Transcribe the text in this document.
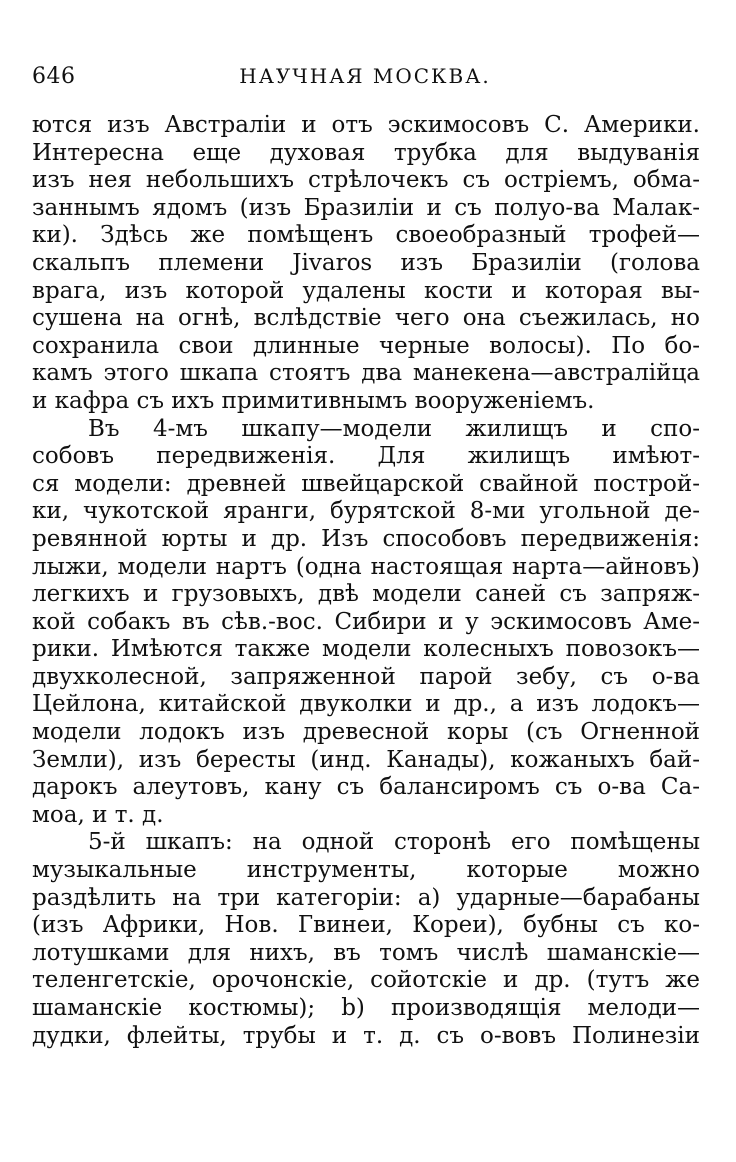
646	НАУЧНАЯ МОСКВА.
ются изъ Австраліи и отъ эскимосовъ С. Америки.
Интересна еще духовая трубка для выдуванія
изъ нея небольшихъ стрѣлочекъ съ остріемъ, обма-
заннымъ ядомъ (изъ Бразиліи и съ полуо-ва Малак-
ки). Здѣсь же помѣщенъ своеобразный трофей—
скальпъ племени Jivaros изъ Бразиліи (голова
врага, изъ которой удалены кости и которая вы-
сушена на огнѣ, вслѣдствіе чего она съежилась, но
сохранила свои длинные черные волосы). По бо-
камъ этого шкапа стоятъ два манекена—австралійца
и кафра съ ихъ примитивнымъ вооруженіемъ.
Въ 4-мъ шкапу—модели жилищъ и спо-
собовъ передвиженія. Для жилищъ имѣют-
ся модели: древней швейцарской свайной построй-
ки, чукотской яранги, бурятской 8-ми угольной де-
ревянной юрты и др. Изъ способовъ передвиженія:
лыжи, модели нартъ (одна настоящая нарта—айновъ)
легкихъ и грузовыхъ, двѣ модели саней съ запряж-
кой собакъ въ сѣв.-вос. Сибири и у эскимосовъ Аме-
рики. Имѣются также модели колесныхъ повозокъ—
двухколесной, запряженной парой зебу, съ о-ва
Цейлона, китайской двуколки и др., а изъ лодокъ—
модели лодокъ изъ древесной коры (съ Огненной
Земли), изъ бересты (инд. Канады), кожаныхъ бай-
дарокъ алеутовъ, кану съ балансиромъ съ о-ва Са-
моа, и т. д.
5-й шкапъ: на одной сторонѣ его помѣщены
музыкальные инструменты, которые можно
раздѣлить на три категоріи: а) ударные—барабаны
(изъ Африки, Нов. Гвинеи, Кореи), бубны съ ко-
лотушками для нихъ, въ томъ числѣ шаманскіе—
теленгетскіе, орочонскіе, сойотскіе и др. (тутъ же
шаманскіе костюмы); b) производящія мелоди—
дудки, флейты, трубы и т. д. съ о-вовъ Полинезіи
